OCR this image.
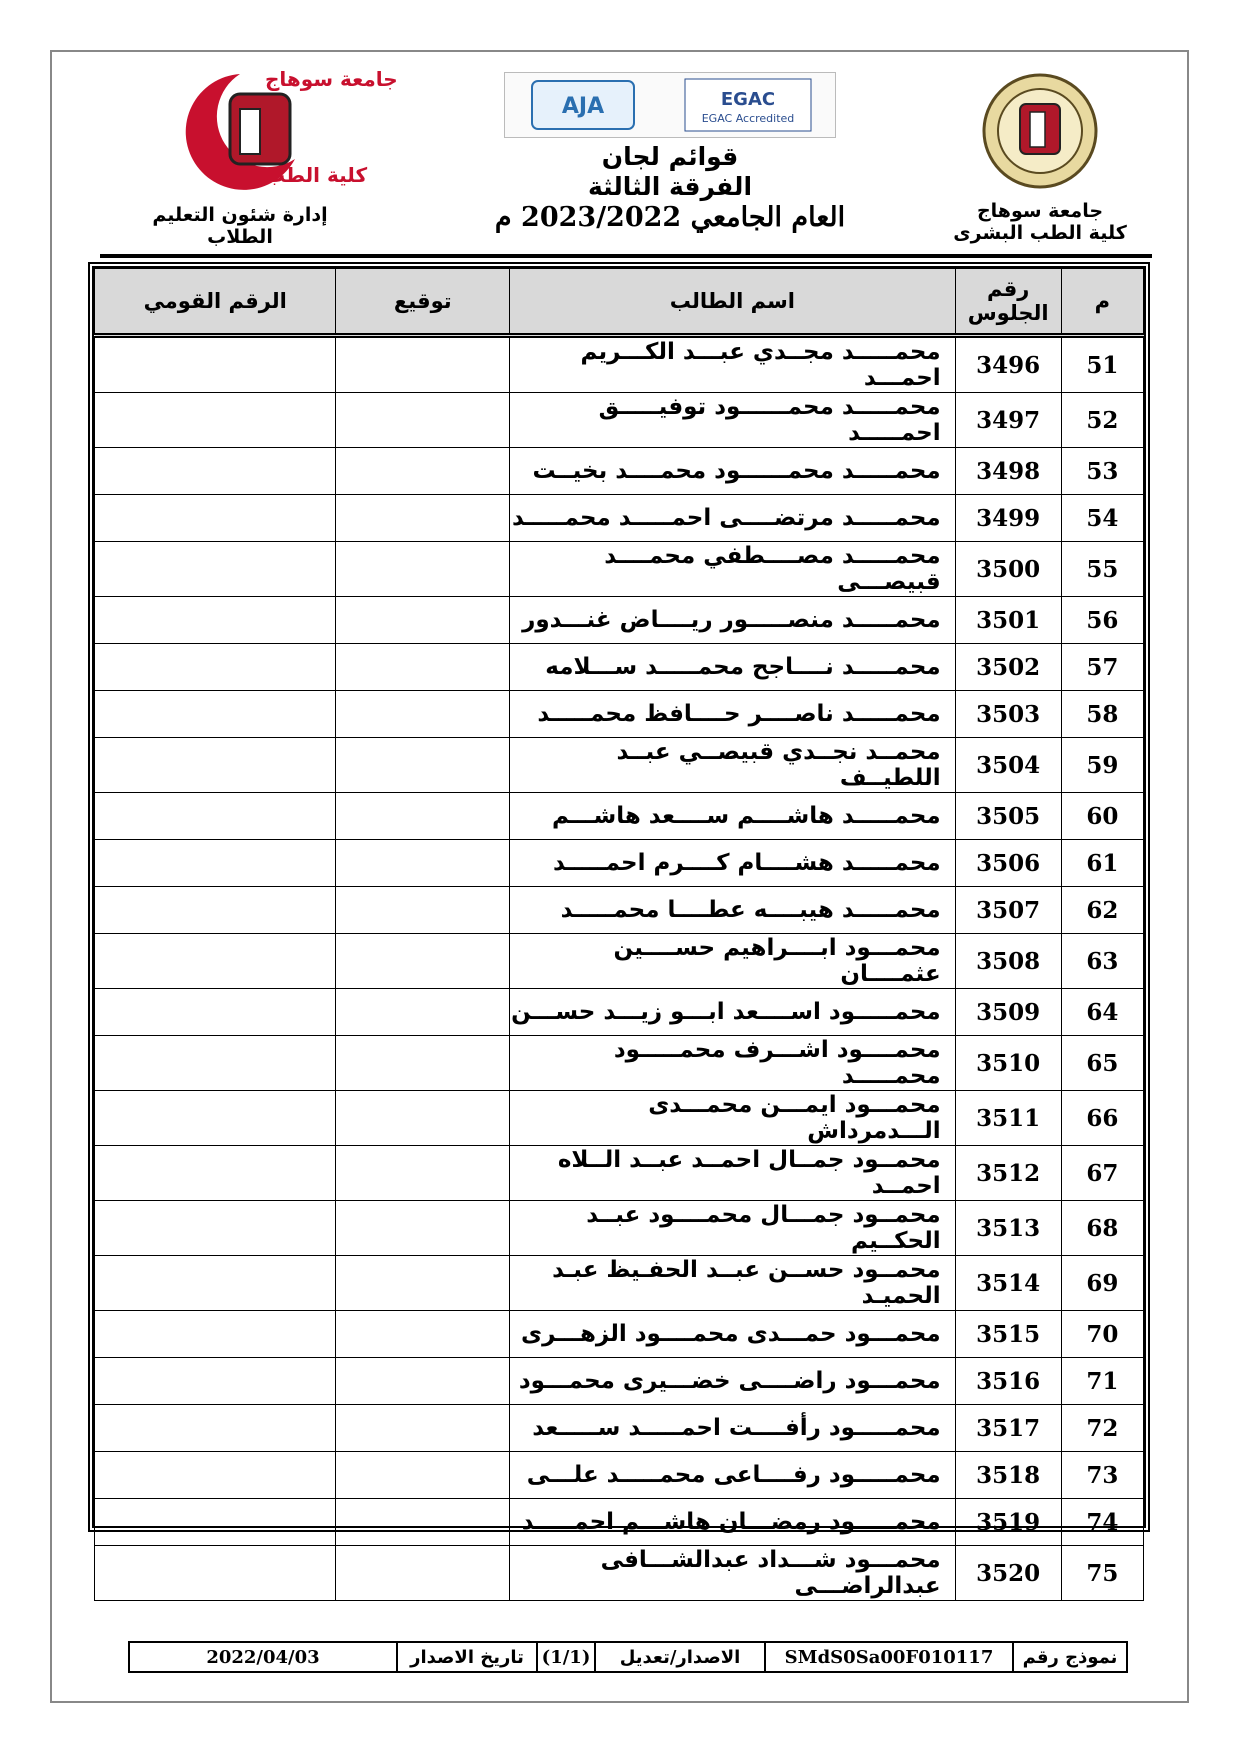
جامعة سوهاج
كلية الطب
إدارة شئون التعليم الطلاب
EGAC
EGAC Accredited
AJA
قوائم لجان
الفرقة الثالثة
العام الجامعي 2023/2022 م	جامعة سوهاج
كلية الطب البشرى
م	رقم الجلوس	اسم الطالب	توقيع	الرقم القومي
51	3496	محمـــــد مجــدي عبـــد الكـــريم احمـــد		
52	3497	محمـــــد محمــــــود توفيـــــق احمـــــد		
53	3498	محمـــــد محمــــــود محمــــد بخيــت		
54	3499	محمـــــد مرتضــــى احمـــــد محمـــــد		
55	3500	محمـــــد مصــــطفي محمــــد قبيصـــى		
56	3501	محمـــــد منصـــــور ريــــاض غنـــدور		
57	3502	محمـــــد نــــاجح محمـــــد ســـلامه		
58	3503	محمـــــد ناصــــر حــــافظ محمـــــد		
59	3504	محمــد نجــدي قبيصــي عبــد اللطيــف		
60	3505	محمـــــد هاشــــم ســــعد هاشـــم		
61	3506	محمـــــد هشــــام كــــرم احمـــــد		
62	3507	محمـــــد هيبــــه عطــــا محمـــــد		
63	3508	محمـــود ابــــراهيم حســــين عثمــــان		
64	3509	محمـــــود اســــعد ابـــو زيـــد حســـن		
65	3510	محمــــود اشـــرف محمـــــود محمـــــد		
66	3511	محمـــود ايمـــن محمـــدى الـــدمرداش		
67	3512	محمــود جمــال احمــد عبــد الــلاه احمــد		
68	3513	محمــود جمـــال محمــــود عبــد الحكــيم		
69	3514	محمــود حســن عبــد الحفـيظ عبـد الحميـد		
70	3515	محمـــود حمـــدى محمــــود الزهـــرى		
71	3516	محمـــود راضــــى خضـــيرى محمـــود		
72	3517	محمـــــود رأفــــت احمـــــد ســـــعد		
73	3518	محمـــــود رفــــاعى محمـــــد علـــى		
74	3519	محمـــــود رمضـــان هاشـــم احمـــــد		
75	3520	محمـــود شـــداد عبدالشـــافى عبدالراضـــى		
نموذج رقم
SMdS0Sa00F010117
الاصدار/تعديل
(1/1)
تاريخ الاصدار
2022/04/03
